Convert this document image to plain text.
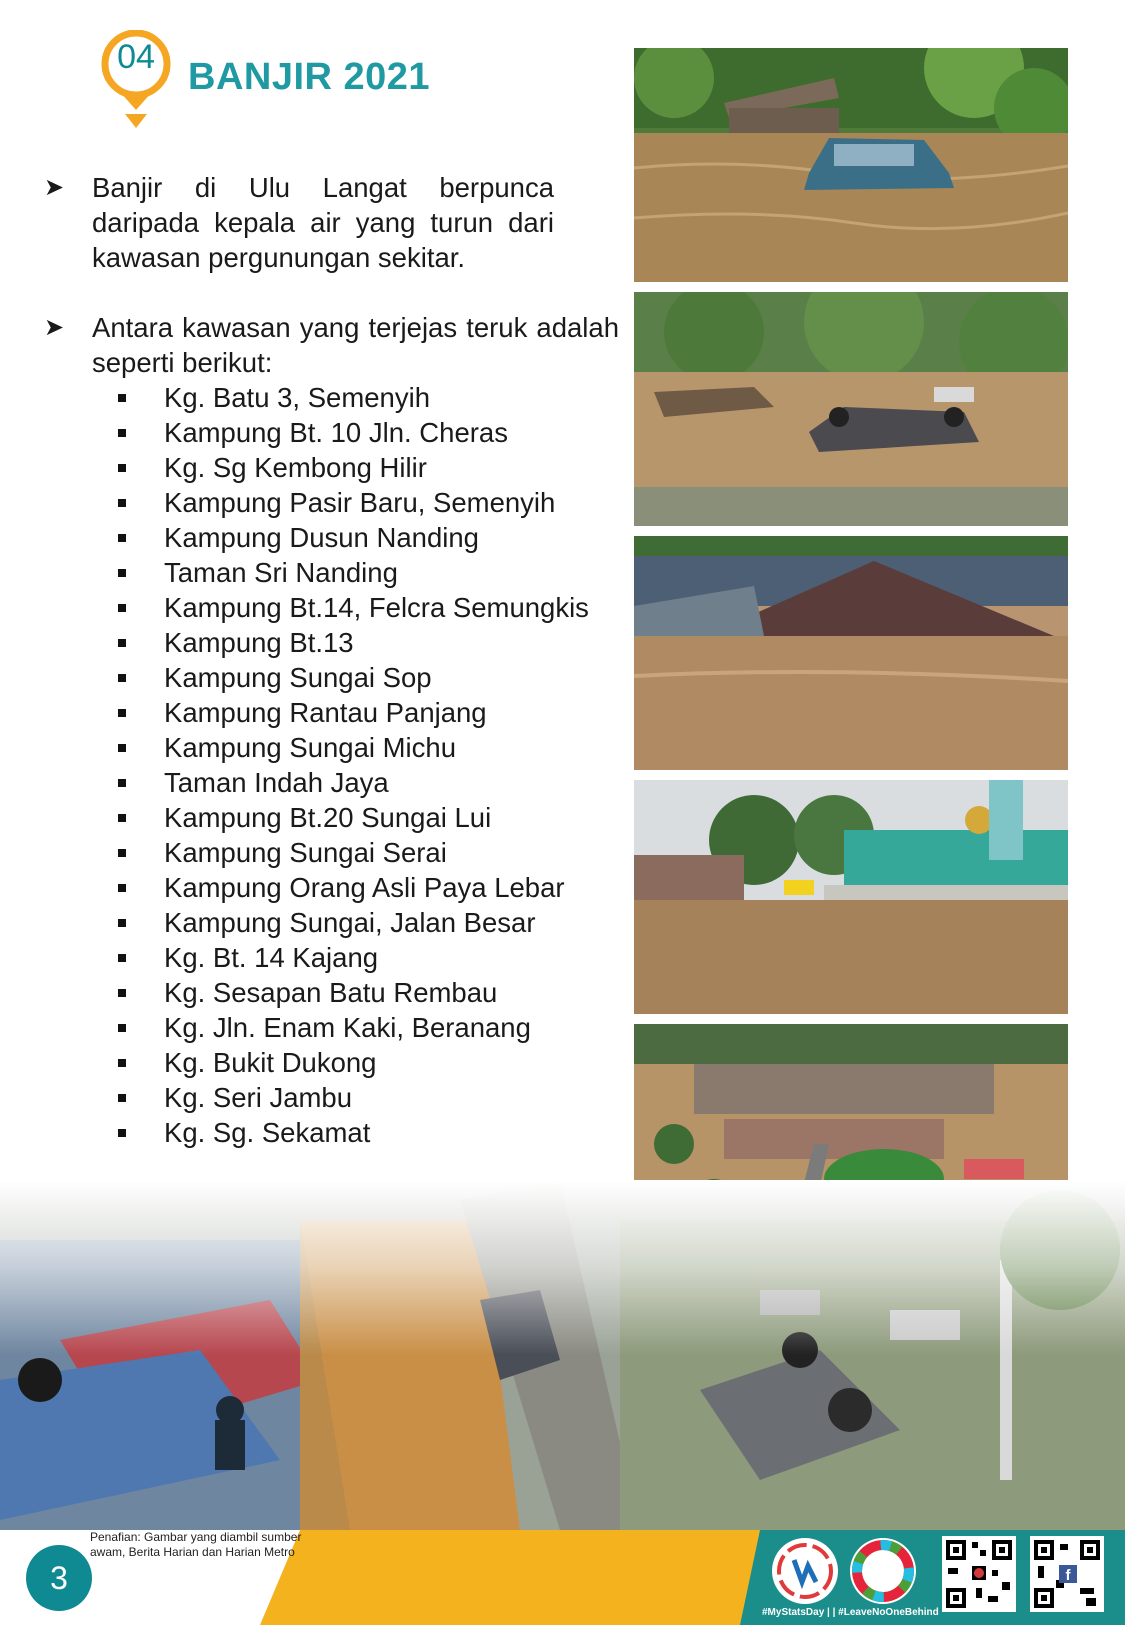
04 BANJIR 2021
➤ Banjir di Ulu Langat berpunca daripada kepala air yang turun dari kawasan pergunungan sekitar.
➤ Antara kawasan yang terjejas teruk adalah seperti berikut:
Kg. Batu 3, Semenyih
Kampung Bt. 10 Jln. Cheras
Kg. Sg Kembong Hilir
Kampung Pasir Baru, Semenyih
Kampung Dusun Nanding
Taman Sri Nanding
Kampung Bt.14, Felcra Semungkis
Kampung Bt.13
Kampung Sungai Sop
Kampung Rantau Panjang
Kampung Sungai Michu
Taman Indah Jaya
Kampung Bt.20 Sungai Lui
Kampung Sungai Serai
Kampung Orang Asli Paya Lebar
Kampung Sungai, Jalan Besar
Kg. Bt. 14 Kajang
Kg. Sesapan Batu Rembau
Kg. Jln. Enam Kaki, Beranang
Kg. Bukit Dukong
Kg. Seri Jambu
Kg. Sg. Sekamat
Penafian: Gambar yang diambil sumber awam, Berita Harian dan Harian Metro
3	f
#MyStatsDay | | #LeaveNoOneBehind
